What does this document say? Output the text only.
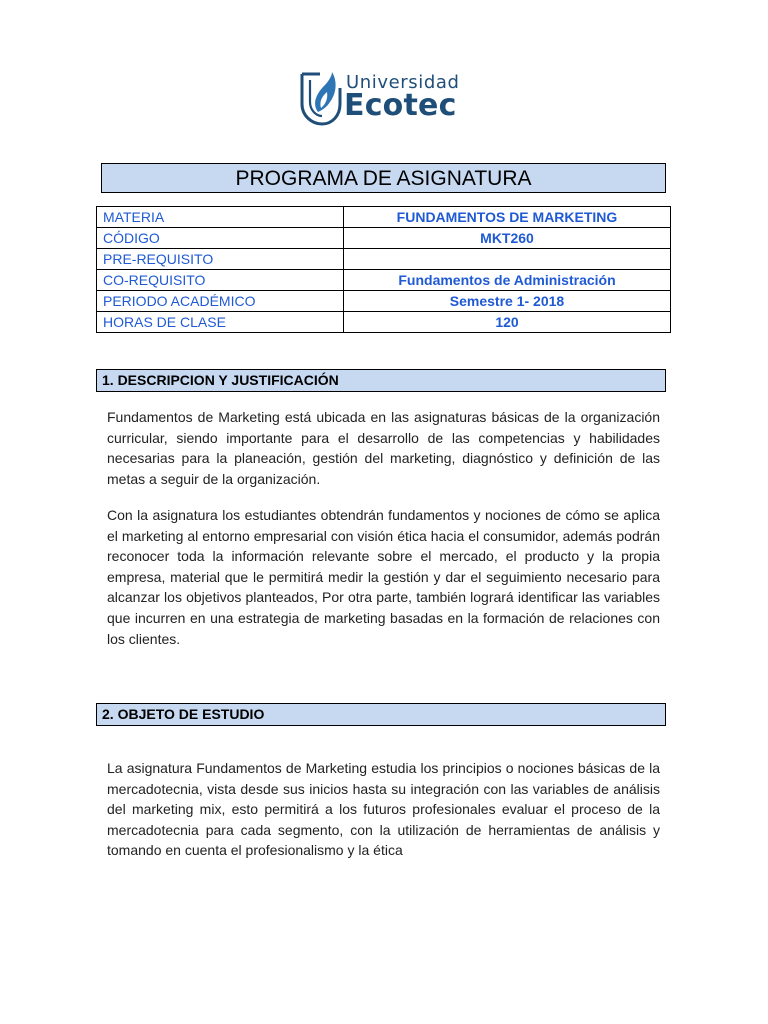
Universidad
Ecotec
PROGRAMA DE ASIGNATURA
MATERIA	FUNDAMENTOS DE MARKETING
CÓDIGO	MKT260
PRE-REQUISITO	
CO-REQUISITO	Fundamentos de Administración
PERIODO ACADÉMICO	Semestre 1- 2018
HORAS DE CLASE	120
1. DESCRIPCION Y JUSTIFICACIÓN

Fundamentos de Marketing está ubicada en las asignaturas básicas de la organización curricular, siendo importante para el desarrollo de las competencias y habilidades necesarias para la planeación, gestión del marketing, diagnóstico y definición de las metas a seguir de la organización.

Con la asignatura los estudiantes obtendrán fundamentos y nociones de cómo se aplica el marketing al entorno empresarial con visión ética hacia el consumidor, además podrán reconocer toda la información relevante sobre el mercado, el producto y la propia empresa, material que le permitirá medir la gestión y dar el seguimiento necesario para alcanzar los objetivos planteados, Por otra parte, también logrará identificar las variables que incurren en una estrategia de marketing basadas en la formación de relaciones con los clientes.

2. OBJETO DE ESTUDIO

La asignatura Fundamentos de Marketing estudia los principios o nociones básicas de la mercadotecnia, vista desde sus inicios hasta su integración con las variables de análisis del marketing mix, esto permitirá a los futuros profesionales evaluar el proceso de la mercadotecnia para cada segmento, con la utilización de herramientas de análisis y tomando en cuenta el profesionalismo y la ética
